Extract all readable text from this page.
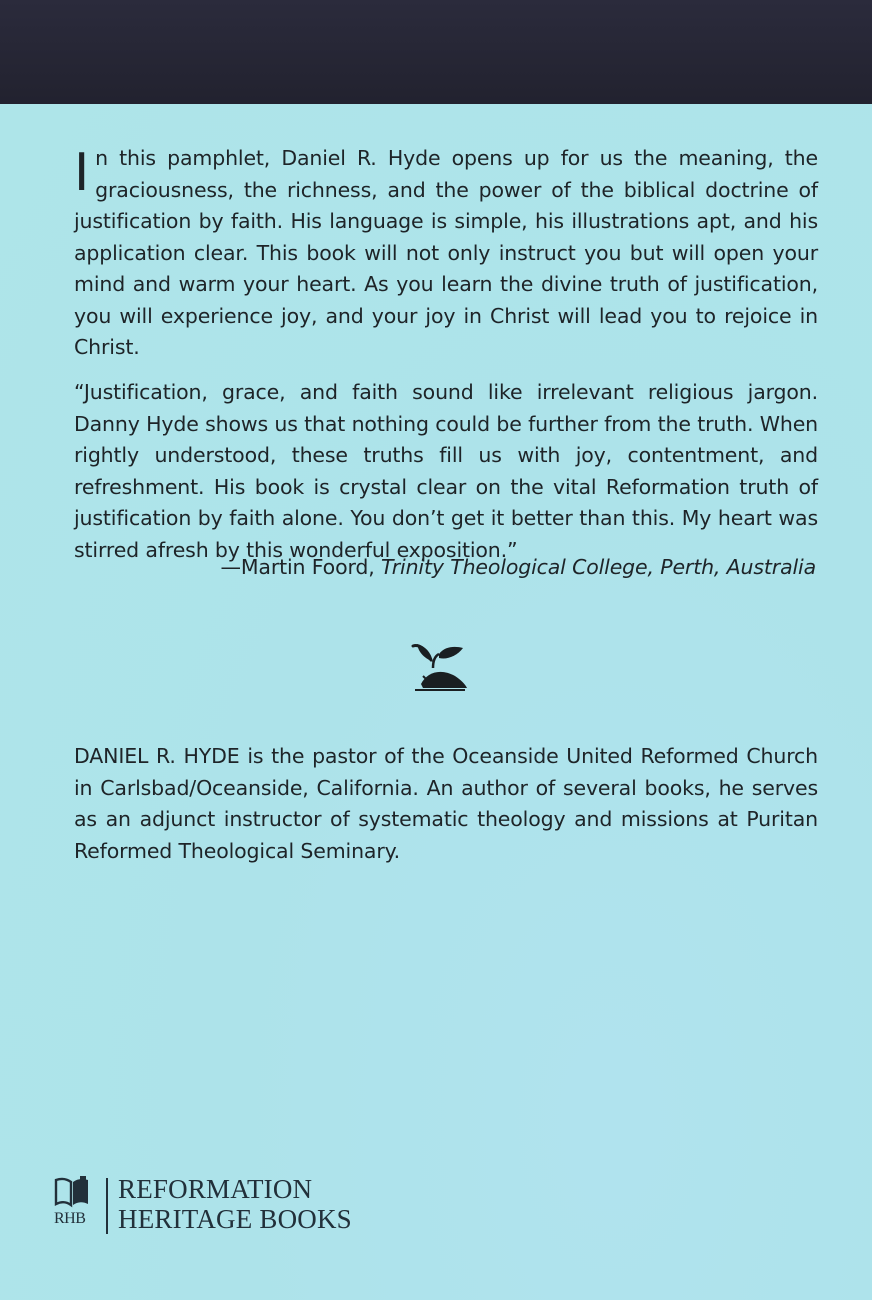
In this pamphlet, Daniel R. Hyde opens up for us the meaning, the graciousness, the richness, and the power of the biblical doctrine of justification by faith. His language is simple, his illustrations apt, and his application clear. This book will not only instruct you but will open your mind and warm your heart. As you learn the divine truth of justification, you will experience joy, and your joy in Christ will lead you to rejoice in Christ.
“Justification, grace, and faith sound like irrelevant religious jargon. Danny Hyde shows us that nothing could be further from the truth. When rightly understood, these truths fill us with joy, contentment, and refreshment. His book is crystal clear on the vital Reformation truth of justification by faith alone. You don’t get it better than this. My heart was stirred afresh by this wonderful exposition.”
—Martin Foord, Trinity Theological College, Perth, Australia
DANIEL R. HYDE is the pastor of the Oceanside United Reformed Church in Carlsbad/Oceanside, California. An author of several books, he serves as an adjunct instructor of systematic theology and missions at Puritan Reformed Theological Seminary.
RHB
REFORMATION
HERITAGE BOOKS
